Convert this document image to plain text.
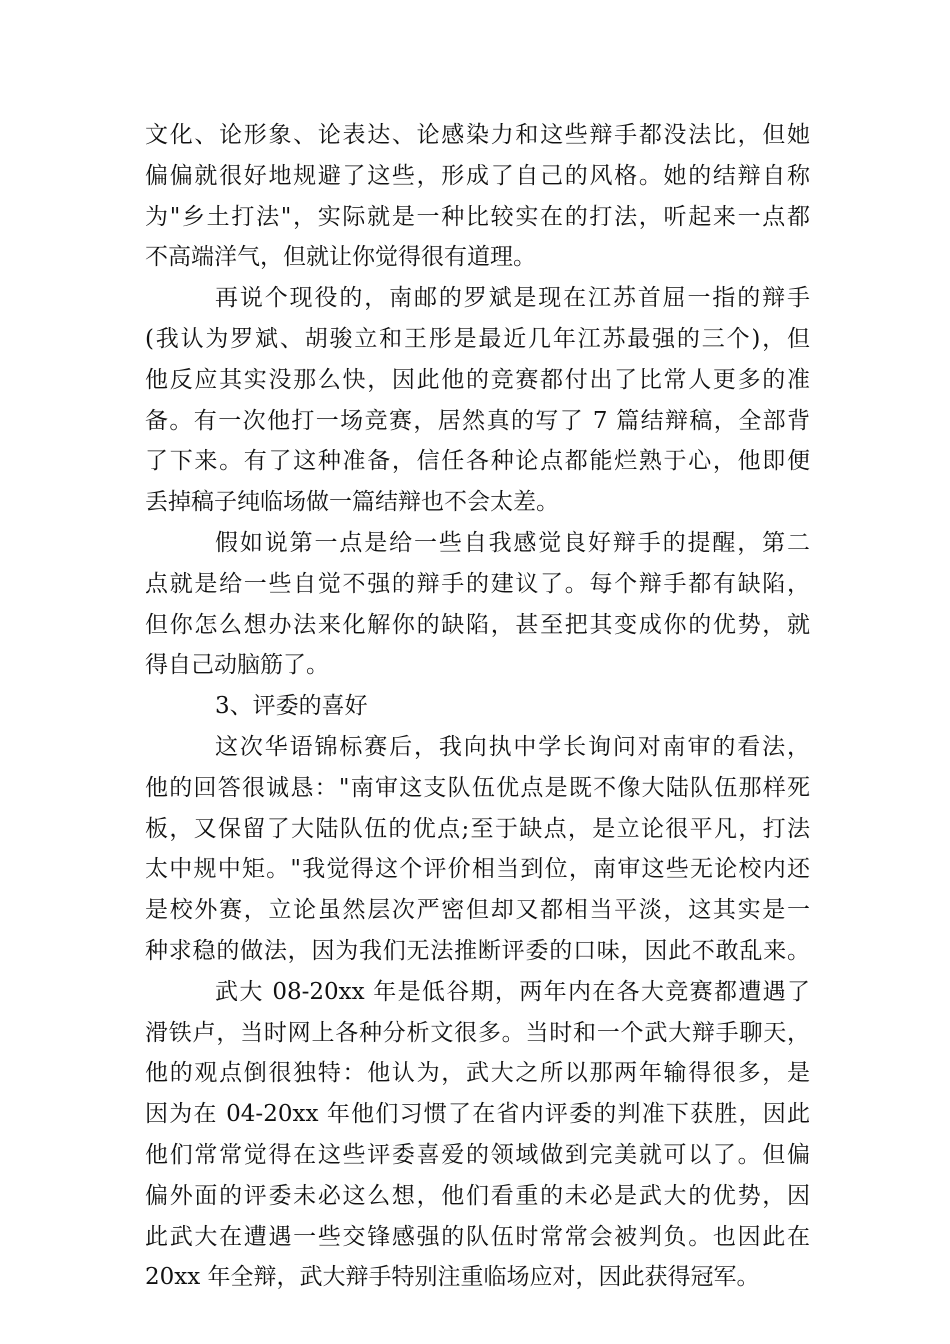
文化、论形象、论表达、论感染力和这些辩手都没法比，但她
偏偏就很好地规避了这些，形成了自己的风格。她的结辩自称
为"乡土打法"，实际就是一种比较实在的打法，听起来一点都
不高端洋气，但就让你觉得很有道理。
再说个现役的，南邮的罗斌是现在江苏首屈一指的辩手
(我认为罗斌、胡骏立和王彤是最近几年江苏最强的三个)，但
他反应其实没那么快，因此他的竞赛都付出了比常人更多的准
备。有一次他打一场竞赛，居然真的写了 7 篇结辩稿，全部背
了下来。有了这种准备，信任各种论点都能烂熟于心，他即便
丢掉稿子纯临场做一篇结辩也不会太差。
假如说第一点是给一些自我感觉良好辩手的提醒，第二
点就是给一些自觉不强的辩手的建议了。每个辩手都有缺陷，
但你怎么想办法来化解你的缺陷，甚至把其变成你的优势，就
得自己动脑筋了。
3、评委的喜好
这次华语锦标赛后，我向执中学长询问对南审的看法，
他的回答很诚恳："南审这支队伍优点是既不像大陆队伍那样死
板，又保留了大陆队伍的优点;至于缺点，是立论很平凡，打法
太中规中矩。"我觉得这个评价相当到位，南审这些无论校内还
是校外赛，立论虽然层次严密但却又都相当平淡，这其实是一
种求稳的做法，因为我们无法推断评委的口味，因此不敢乱来。
武大 08-20xx 年是低谷期，两年内在各大竞赛都遭遇了
滑铁卢，当时网上各种分析文很多。当时和一个武大辩手聊天，
他的观点倒很独特：他认为，武大之所以那两年输得很多，是
因为在 04-20xx 年他们习惯了在省内评委的判准下获胜，因此
他们常常觉得在这些评委喜爱的领域做到完美就可以了。但偏
偏外面的评委未必这么想，他们看重的未必是武大的优势，因
此武大在遭遇一些交锋感强的队伍时常常会被判负。也因此在
20xx 年全辩，武大辩手特别注重临场应对，因此获得冠军。
